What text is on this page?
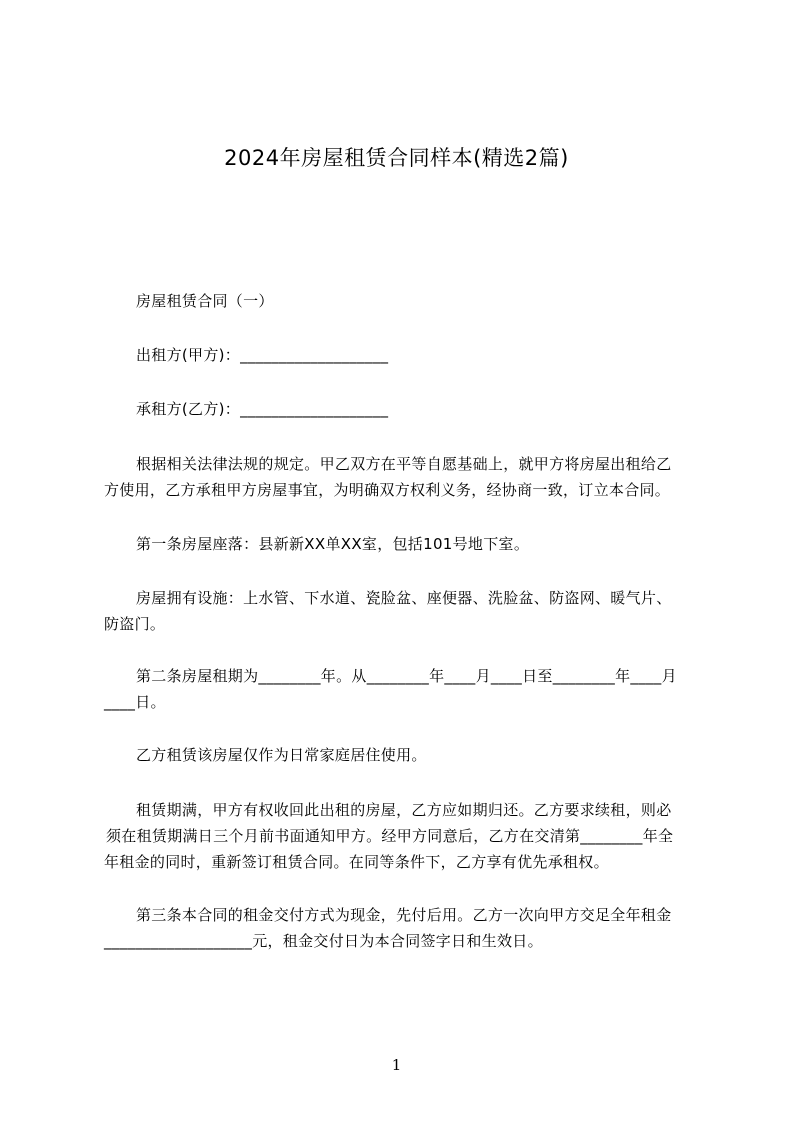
2024年房屋租赁合同样本(精选2篇)
房屋租赁合同（一）
出租方(甲方)：___________________
承租方(乙方)：___________________
根据相关法律法规的规定。甲乙双方在平等自愿基础上，就甲方将房屋出租给乙
方使用，乙方承租甲方房屋事宜，为明确双方权利义务，经协商一致，订立本合同。
第一条房屋座落：县新新XX单XX室，包括101号地下室。
房屋拥有设施：上水管、下水道、瓷脸盆、座便器、洗脸盆、防盗网、暖气片、
防盗门。
第二条房屋租期为________年。从________年____月____日至________年____月
____日。
乙方租赁该房屋仅作为日常家庭居住使用。
租赁期满，甲方有权收回此出租的房屋，乙方应如期归还。乙方要求续租，则必
须在租赁期满日三个月前书面通知甲方。经甲方同意后，乙方在交清第________年全
年租金的同时，重新签订租赁合同。在同等条件下，乙方享有优先承租权。
第三条本合同的租金交付方式为现金，先付后用。乙方一次向甲方交足全年租金
___________________元，租金交付日为本合同签字日和生效日。
1
